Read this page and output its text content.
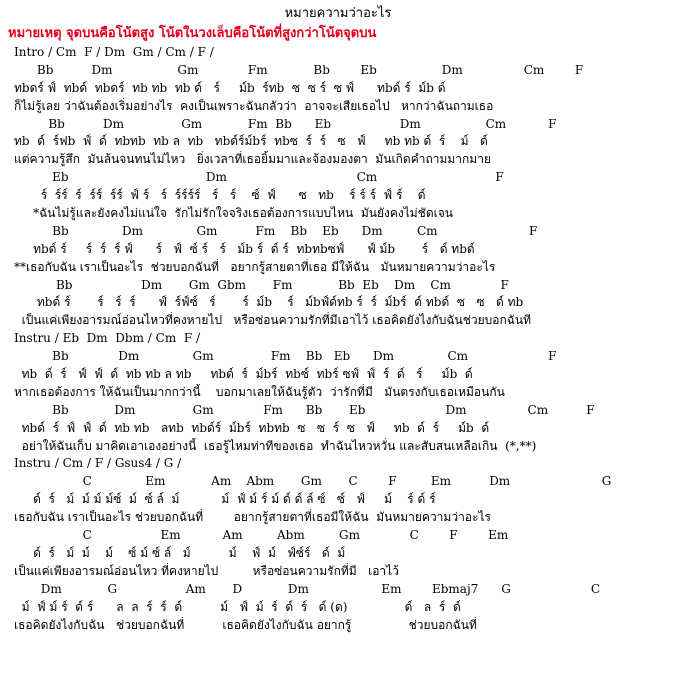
หมายความว่าอะไร
หมายเหตุ จุดบนคือโน้ตสูง โน้ตในวงเล็บคือโน้ตที่สูงกว่าโน้ตจุดบน
Intro / Cm  F / Dm  Gm / Cm / F /
Bb          Dm                 Gm             Fm            Bb        Eb                 Dm                Cm        F
ทbดร์ ฟ์  ทbด์  ทbดร์  ทb ทb  ทb ด์   ร์     ม์b  ร์ทb  ซ  ซ ร์  ซ ฟ์      ทbด์ ร์  ม์b ด์
ก็ไม่รู้เลย ว่าฉันต้องเริ่มอย่างไร  คงเป็นเพราะฉันกลัวว่า  อาจจะเสียเธอไป   หากว่าฉันถามเธอ
Bb          Dm               Gm            Fm  Bb      Eb                  Dm                 Cm           F
ทb  ด์  ร์ฟb  ฟ์  ด์  ทbทb  ทb ล  ทb   ทbด์ร์ม์bร์  ทbซ  ร์  ร์   ซ   ฟ์     ทb ทb ด์  ร์    ม์   ด์
แต่ความรู้สึก  มันล้นจนทนไม่ไหว   ยิ่งเวลาที่เธอยิ้มมาและจ้องมองตา  มันเกิดคำถามมากมาย
Eb                                    Dm                                  Cm                               F
ร์  ร์ร์  ร์  ร์ร์  ร์ร์  ฟ์ ร์   ร์  ร์ร์ร์ร์   ร์   ร์    ซ์  ฟ์      ซ   ทb    ร์ ร์ ร์  ฟ์ ร์    ด์
*ฉันไม่รู้และยังคงไม่แน่ใจ  รักไม่รักใจจริงเธอต้องการแบบไหน  มันยังคงไม่ชัดเจน
Bb              Dm              Gm          Fm    Bb    Eb      Dm         Cm                        F
ทbด์ ร์     ร์  ร์  ร์ ฟ์      ร์   ฟ์  ซ์ ร์   ร์   ม์b ร์  ด์ ร์  ทbทbซฟ์      ฟ์ ม์b       ร์   ด์ ทbด์
**เธอกับฉัน เราเป็นอะไร  ช่วยบอกฉันที่   อยากรู้สายตาที่เธอ มีให้ฉัน   มันหมายความว่าอะไร
Bb                  Dm       Gm  Gbm       Fm            Bb  Eb    Dm    Cm             F
ทbด์ ร์       ร์   ร์  ร์      ฟ์  ร์ฟ์ซ์   ร์       ร์  ม์b    ร์   ม์bฟ์ด์ทb ร์  ร์  ม์bร์  ด์ ทbด์  ซ   ซ   ด์ ทb
เป็นแค่เพียงอารมณ์อ่อนไหวที่คงหายไป   หรือซ่อนความรักที่มีเอาไว้ เธอคิดยังไงกับฉันช่วยบอกฉันที
Instru / Eb  Dm  Dbm / Cm  F /
Bb             Dm              Gm               Fm    Bb   Eb      Dm              Cm                     F
ทb  ด์  ร์   ฟ์  ฟ์  ด์  ทb ทb ล ทb     ทbด์  ร์  ม์bร์  ทbซ์  ทbร์ ซฟ์  ฟ์  ร์  ด์   ร์     ม์b  ด์
หากเธอต้องการ ให้ฉันเป็นมากกว่านี้    บอกมาเลยให้ฉันรู้ตัว  ว่ารักที่มี   มันตรงกับเธอเหมือนกัน
Bb            Dm               Gm             Fm      Bb       Eb                     Dm                Cm          F
ทbด์  ร์  ฟ์  ฟ์  ด์  ทb ทb   ลทb  ทbด์ร์  ม์bร์  ทbทb  ซ   ซ  ร์  ซ   ฟ์     ทb  ด์  ร์     ม์b  ด์
อย่าให้ฉันเก็บ มาคิดเอาเองอย่างนี้  เธอรู้ไหมท่าทีของเธอ  ทำฉันไหวหวั่น และสับสนเหลือเกิน  (*,**)
Instru / Cm / F / Gsus4 / G /
C              Em            Am    Abm       Gm       C        F         Em          Dm                        G
ด์  ร์   ม์  ม์ ม์ ม์ซ์  ม์  ซ์ ล์  ม์           ม์  ฟ์ ม์ ร์ ม์ ด์ ด์ ล์ ซ์   ซ์   ฟ์     ม์    ร์ ด์ ร์
เธอกับฉัน เราเป็นอะไร ช่วยบอกฉันที่        อยากรู้สายตาที่เธอมีให้ฉัน  มันหมายความว่าอะไร
C                  Em           Am         Abm         Gm             C        F        Em
ด์  ร์   ม์  ม์    ม์    ซ์ ม์ ซ์ ล์   ม์          ม์    ฟ์  ม์   ฟ์ซ์ร์   ด์  ม์
เป็นแค่เพียงอารมณ์อ่อนไหว ที่คงหายไป         หรือซ่อนความรักที่มี   เอาไว้
Dm            G                  Am       D            Dm                   Em        Ebmaj7      G                     C
ม์  ฟ์ ม์ ร์  ด์ ร์      ล  ล  ร์  ร์  ด์          ม์   ฟ์  ม์  ร์  ด์  ร์   ด์ (ด)               ด์   ล  ร์  ด์
เธอคิดยังไงกับฉัน   ช่วยบอกฉันที่          เธอคิดยังไงกับฉัน อยากรู้               ช่วยบอกฉันที่
